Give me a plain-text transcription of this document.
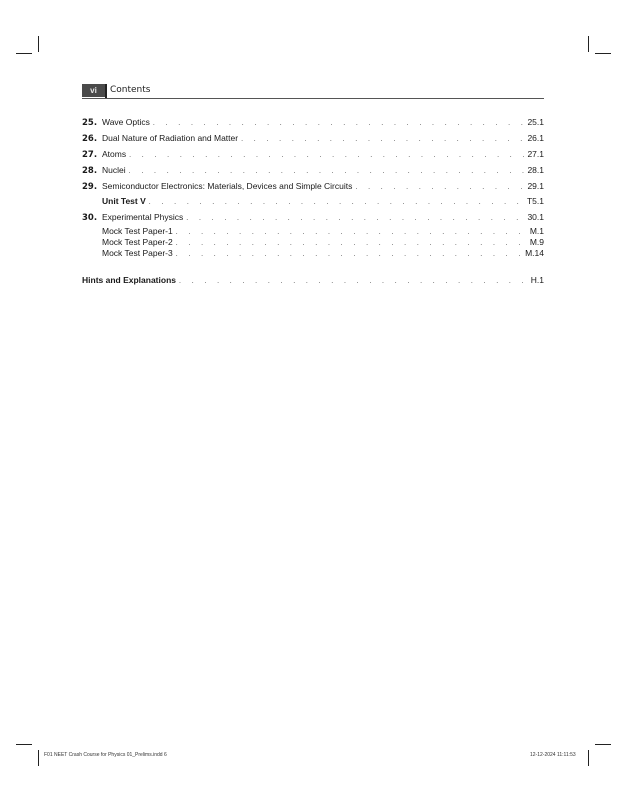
vi	Contents
25. Wave Optics . . .	25.1
26. Dual Nature of Radiation and Matter . . .	26.1
27. Atoms . . .	27.1
28. Nuclei . . .	28.1
29. Semiconductor Electronics: Materials, Devices and Simple Circuits . . .	29.1
Unit Test V . . .	T5.1
30. Experimental Physics . . .	30.1
Mock Test Paper-1 . . .	M.1
Mock Test Paper-2 . . .	M.9
Mock Test Paper-3 . . .	M.14
Hints and Explanations . . .	H.1
F01 NEET Crash Course for Physics 01_Prelims.indd 6	12-12-2024 11:11:53
